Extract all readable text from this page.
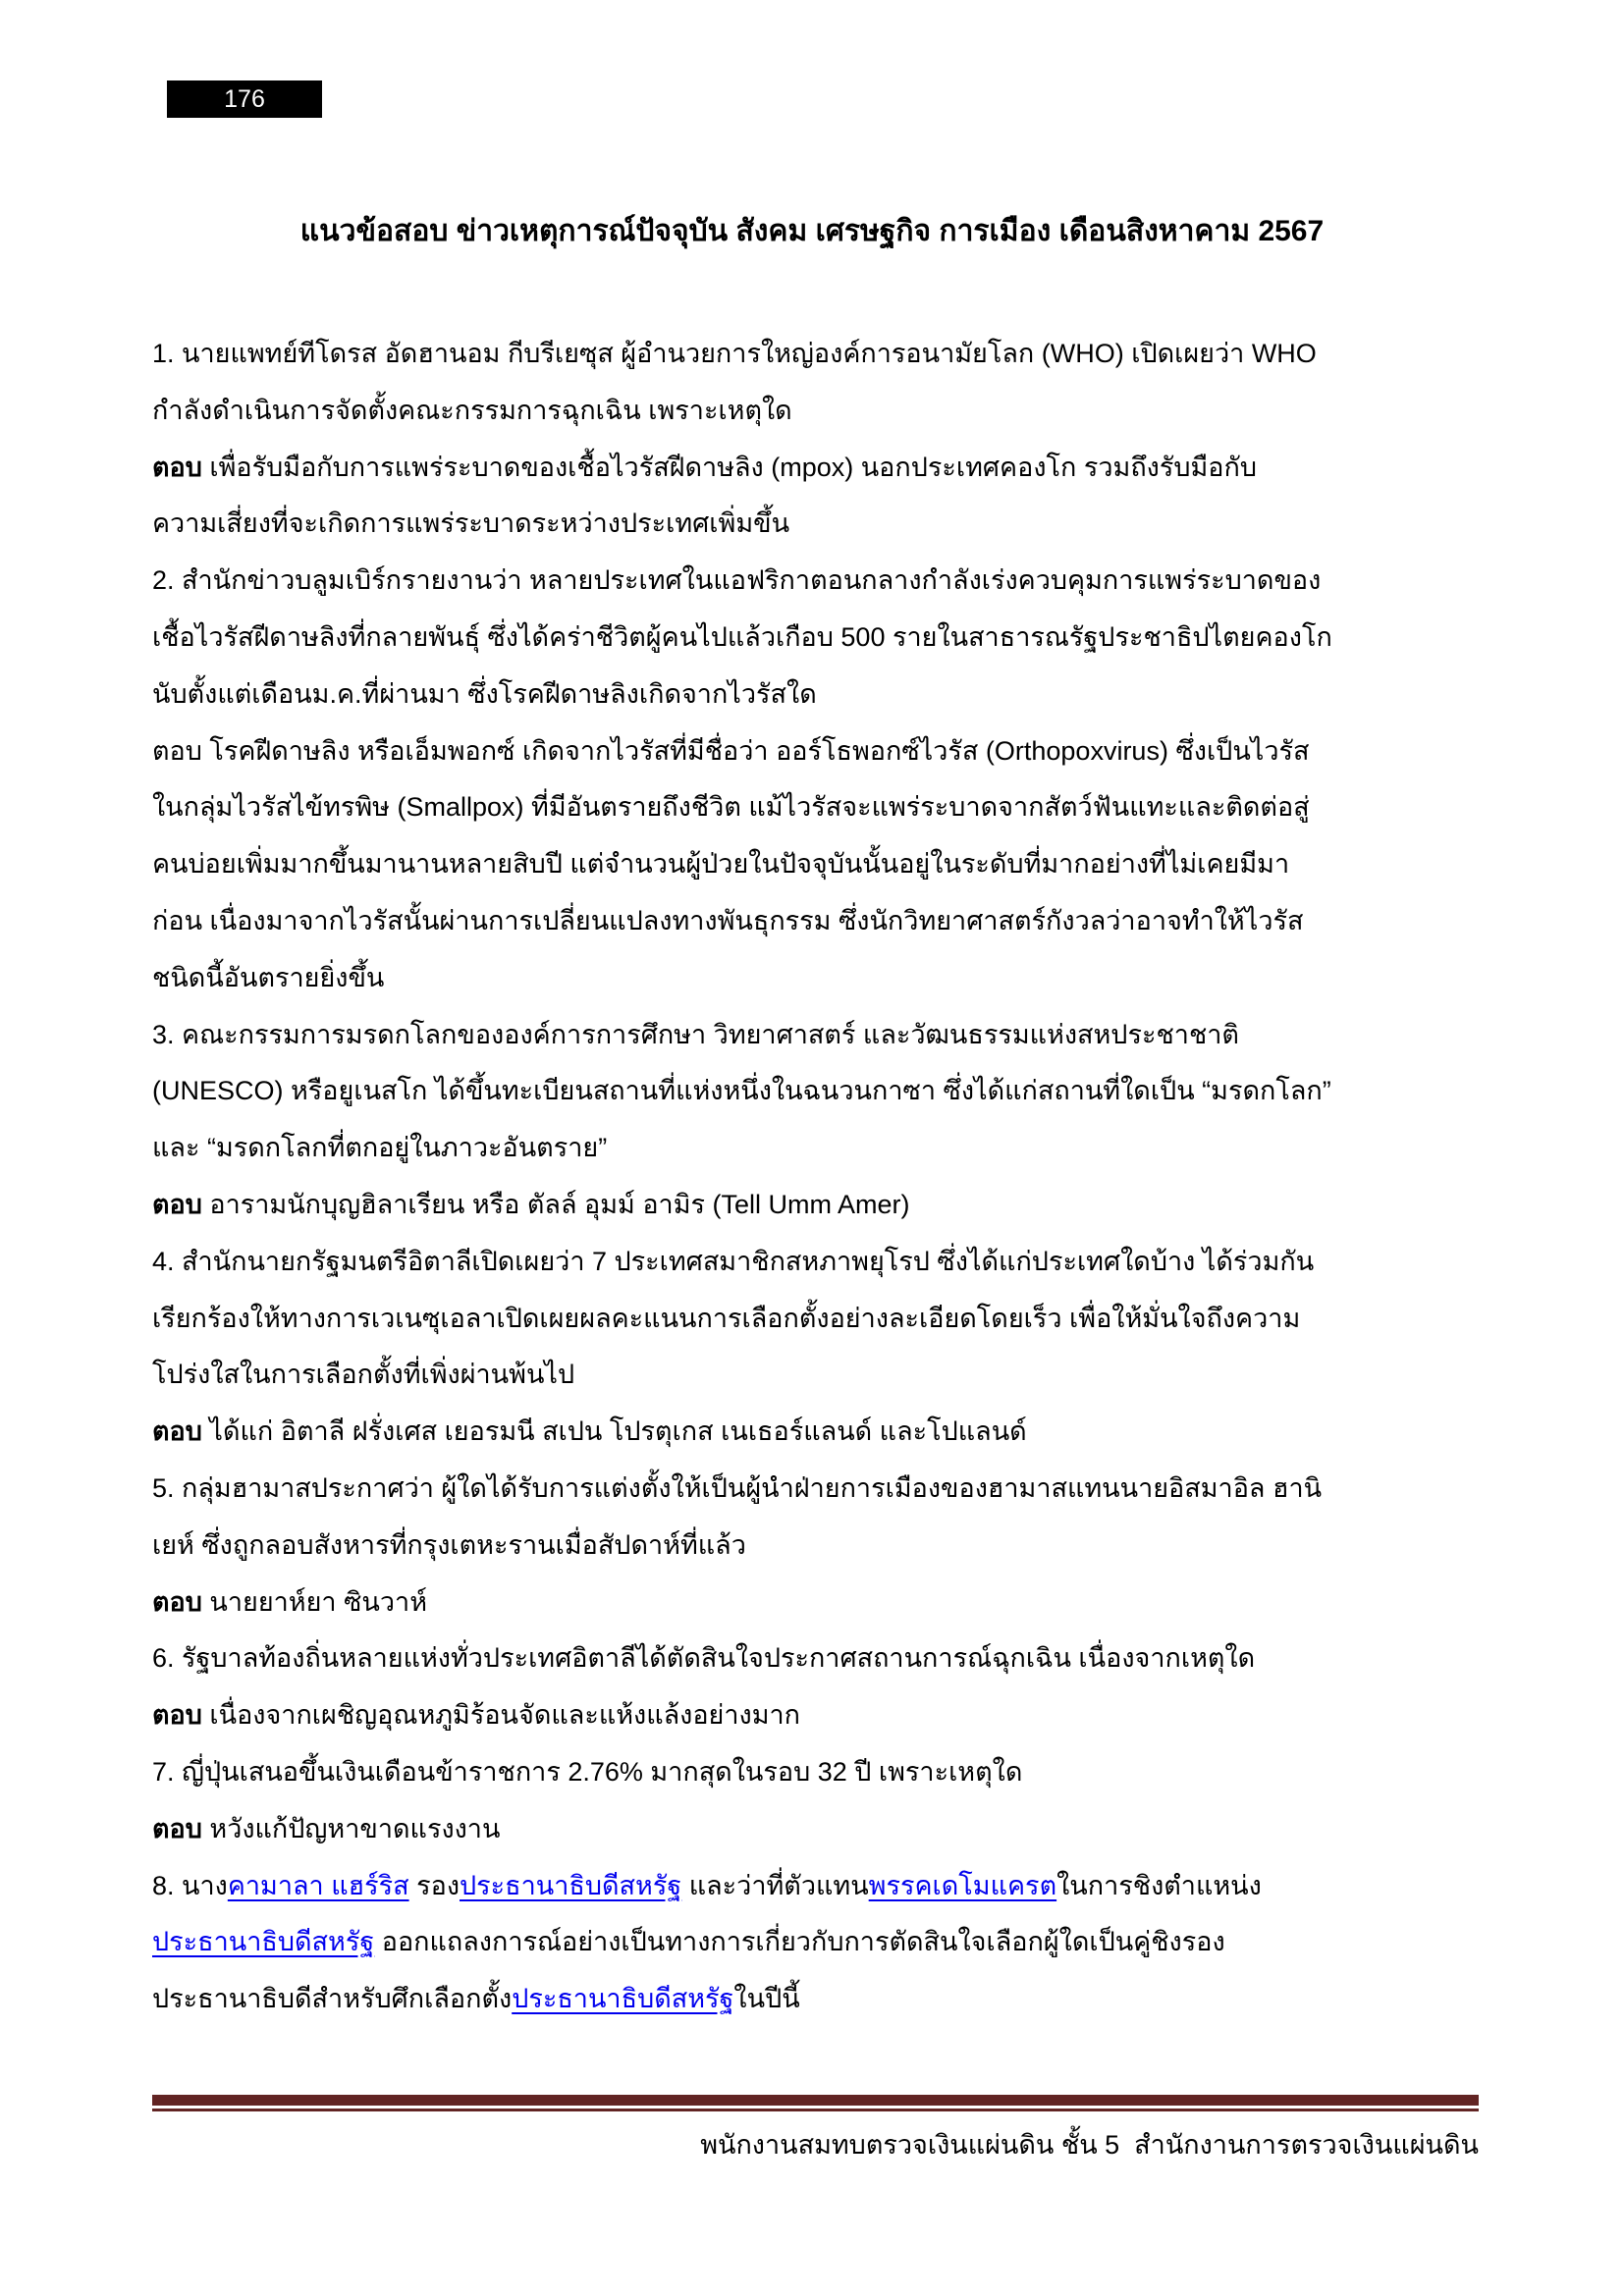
176
แนวข้อสอบ ข่าวเหตุการณ์ปัจจุบัน สังคม เศรษฐกิจ การเมือง เดือนสิงหาคาม 2567
1. นายแพทย์ทีโดรส อัดฮานอม กีบรีเยซุส ผู้อำนวยการใหญ่องค์การอนามัยโลก (WHO) เปิดเผยว่า WHO
กำลังดำเนินการจัดตั้งคณะกรรมการฉุกเฉิน เพราะเหตุใด
ตอบ เพื่อรับมือกับการแพร่ระบาดของเชื้อไวรัสฝีดาษลิง (mpox) นอกประเทศคองโก รวมถึงรับมือกับ
ความเสี่ยงที่จะเกิดการแพร่ระบาดระหว่างประเทศเพิ่มขึ้น
2. สำนักข่าวบลูมเบิร์กรายงานว่า หลายประเทศในแอฟริกาตอนกลางกำลังเร่งควบคุมการแพร่ระบาดของ
เชื้อไวรัสฝีดาษลิงที่กลายพันธุ์ ซึ่งได้คร่าชีวิตผู้คนไปแล้วเกือบ 500 รายในสาธารณรัฐประชาธิปไตยคองโก
นับตั้งแต่เดือนม.ค.ที่ผ่านมา ซึ่งโรคฝีดาษลิงเกิดจากไวรัสใด
ตอบ โรคฝีดาษลิง หรือเอ็มพอกซ์ เกิดจากไวรัสที่มีชื่อว่า ออร์โธพอกซ์ไวรัส (Orthopoxvirus) ซึ่งเป็นไวรัส
ในกลุ่มไวรัสไข้ทรพิษ (Smallpox) ที่มีอันตรายถึงชีวิต แม้ไวรัสจะแพร่ระบาดจากสัตว์ฟันแทะและติดต่อสู่
คนบ่อยเพิ่มมากขึ้นมานานหลายสิบปี แต่จำนวนผู้ป่วยในปัจจุบันนั้นอยู่ในระดับที่มากอย่างที่ไม่เคยมีมา
ก่อน เนื่องมาจากไวรัสนั้นผ่านการเปลี่ยนแปลงทางพันธุกรรม ซึ่งนักวิทยาศาสตร์กังวลว่าอาจทำให้ไวรัส
ชนิดนี้อันตรายยิ่งขึ้น
3. คณะกรรมการมรดกโลกขององค์การการศึกษา วิทยาศาสตร์ และวัฒนธรรมแห่งสหประชาชาติ
(UNESCO) หรือยูเนสโก ได้ขึ้นทะเบียนสถานที่แห่งหนึ่งในฉนวนกาซา ซึ่งได้แก่สถานที่ใดเป็น “มรดกโลก”
และ “มรดกโลกที่ตกอยู่ในภาวะอันตราย”
ตอบ อารามนักบุญฮิลาเรียน หรือ ตัลล์ อุมม์ อามิร (Tell Umm Amer)
4. สำนักนายกรัฐมนตรีอิตาลีเปิดเผยว่า 7 ประเทศสมาชิกสหภาพยุโรป ซึ่งได้แก่ประเทศใดบ้าง ได้ร่วมกัน
เรียกร้องให้ทางการเวเนซุเอลาเปิดเผยผลคะแนนการเลือกตั้งอย่างละเอียดโดยเร็ว เพื่อให้มั่นใจถึงความ
โปร่งใสในการเลือกตั้งที่เพิ่งผ่านพ้นไป
ตอบ ได้แก่ อิตาลี ฝรั่งเศส เยอรมนี สเปน โปรตุเกส เนเธอร์แลนด์ และโปแลนด์
5. กลุ่มฮามาสประกาศว่า ผู้ใดได้รับการแต่งตั้งให้เป็นผู้นำฝ่ายการเมืองของฮามาสแทนนายอิสมาอิล ฮานิ
เยห์ ซึ่งถูกลอบสังหารที่กรุงเตหะรานเมื่อสัปดาห์ที่แล้ว
ตอบ นายยาห์ยา ซินวาห์
6. รัฐบาลท้องถิ่นหลายแห่งทั่วประเทศอิตาลีได้ตัดสินใจประกาศสถานการณ์ฉุกเฉิน เนื่องจากเหตุใด
ตอบ เนื่องจากเผชิญอุณหภูมิร้อนจัดและแห้งแล้งอย่างมาก
7. ญี่ปุ่นเสนอขึ้นเงินเดือนข้าราชการ 2.76% มากสุดในรอบ 32 ปี เพราะเหตุใด
ตอบ หวังแก้ปัญหาขาดแรงงาน
8. นางคามาลา แฮร์ริส รองประธานาธิบดีสหรัฐ และว่าที่ตัวแทนพรรคเดโมแครตในการชิงตำแหน่ง
ประธานาธิบดีสหรัฐ ออกแถลงการณ์อย่างเป็นทางการเกี่ยวกับการตัดสินใจเลือกผู้ใดเป็นคู่ชิงรอง
ประธานาธิบดีสำหรับศึกเลือกตั้งประธานาธิบดีสหรัฐในปีนี้
พนักงานสมทบตรวจเงินแผ่นดิน ชั้น 5  สำนักงานการตรวจเงินแผ่นดิน
